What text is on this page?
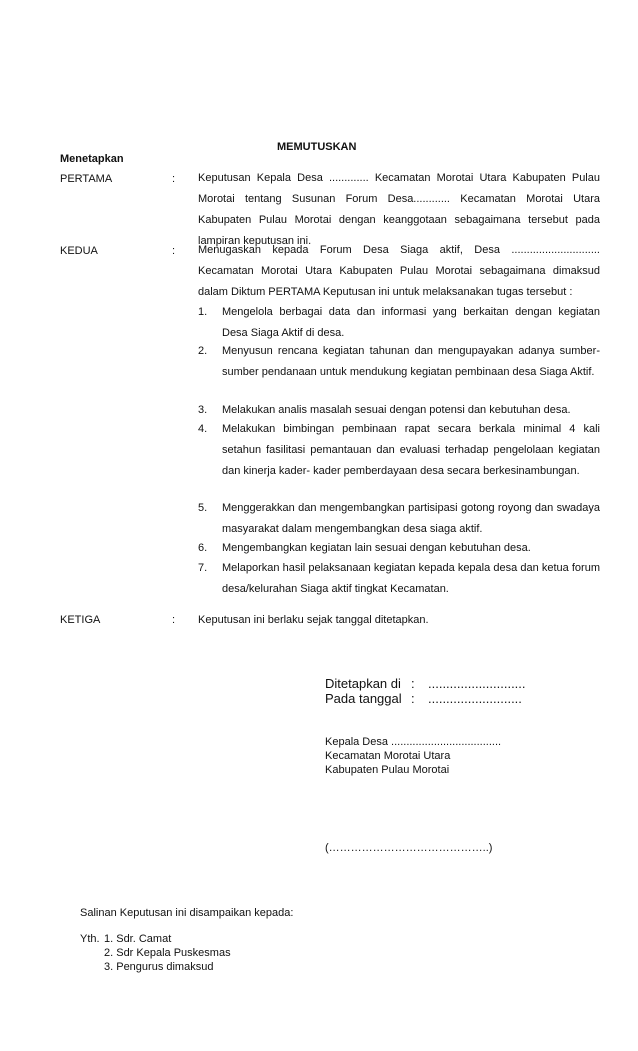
MEMUTUSKAN
Menetapkan
PERTAMA	: Keputusan Kepala Desa ............. Kecamatan Morotai Utara Kabupaten Pulau Morotai tentang Susunan Forum Desa............ Kecamatan Morotai Utara Kabupaten Pulau Morotai dengan keanggotaan sebagaimana tersebut pada lampiran keputusan ini.
KEDUA	: Menugaskan kepada Forum Desa Siaga aktif, Desa ............................. Kecamatan Morotai Utara Kabupaten Pulau Morotai sebagaimana dimaksud dalam Diktum PERTAMA Keputusan ini untuk melaksanakan tugas tersebut :
1. Mengelola berbagai data dan informasi yang berkaitan dengan kegiatan Desa Siaga Aktif di desa.
2. Menyusun rencana kegiatan tahunan dan mengupayakan adanya sumber-sumber pendanaan untuk mendukung kegiatan pembinaan desa Siaga Aktif.
3. Melakukan analis masalah sesuai dengan potensi dan kebutuhan desa.
4. Melakukan bimbingan pembinaan rapat secara berkala minimal 4 kali setahun fasilitasi pemantauan dan evaluasi terhadap pengelolaan kegiatan dan kinerja kader- kader pemberdayaan desa secara berkesinambungan.
5. Menggerakkan dan mengembangkan partisipasi gotong royong dan swadaya masyarakat dalam mengembangkan desa siaga aktif.
6. Mengembangkan kegiatan lain sesuai dengan kebutuhan desa.
7. Melaporkan hasil pelaksanaan kegiatan kepada kepala desa dan ketua forum desa/kelurahan Siaga aktif tingkat Kecamatan.
KETIGA	: Keputusan ini berlaku sejak tanggal ditetapkan.
Ditetapkan di : ...........................
Pada tanggal : ..........................
Kepala Desa ....................................
Kecamatan Morotai Utara
Kabupaten Pulau Morotai
(……………………………………..)
Salinan Keputusan ini disampaikan kepada:
Yth. 1. Sdr. Camat
2. Sdr Kepala Puskesmas
3. Pengurus dimaksud
